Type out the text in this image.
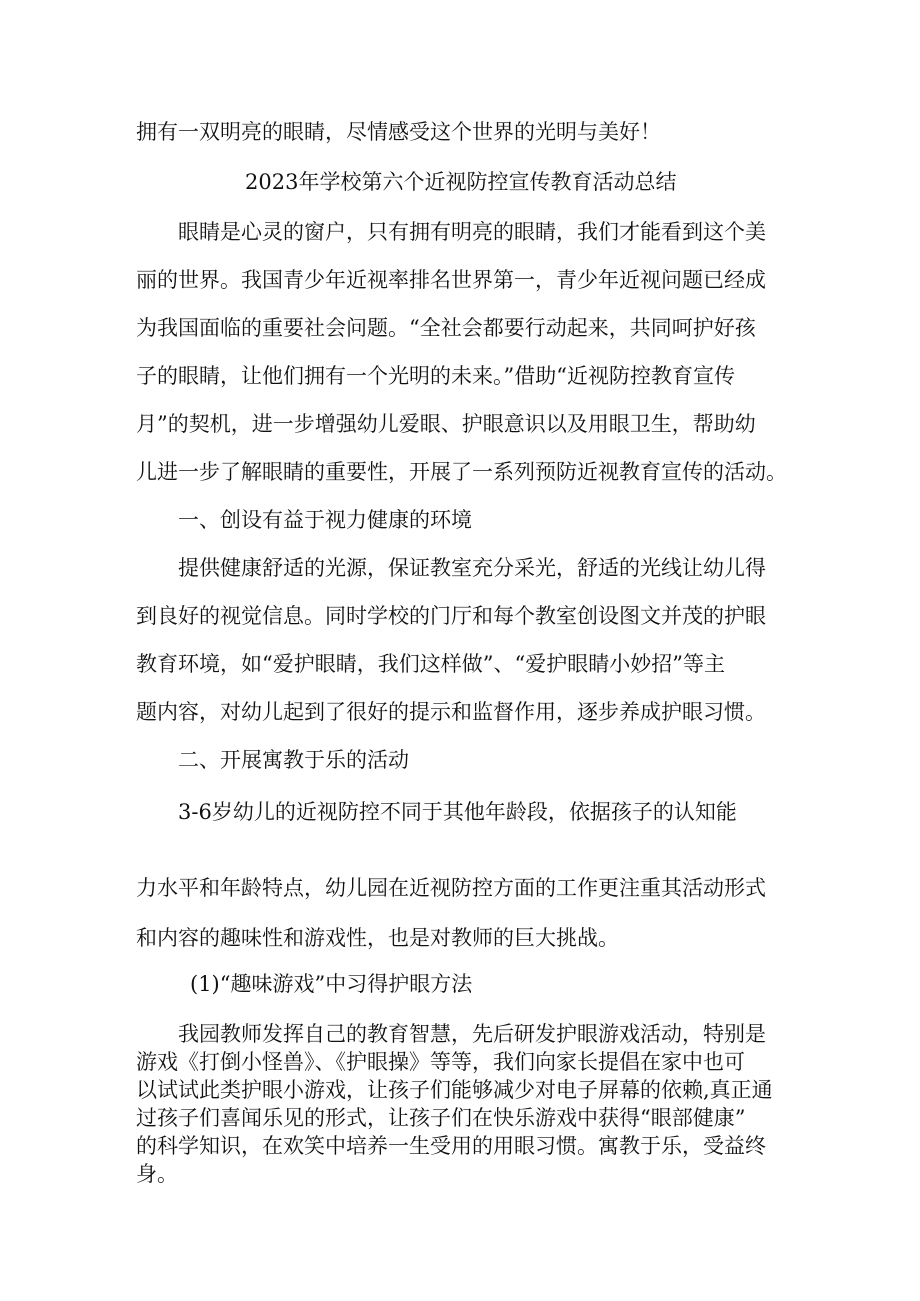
拥有一双明亮的眼睛，尽情感受这个世界的光明与美好！
2023年学校第六个近视防控宣传教育活动总结
眼睛是心灵的窗户，只有拥有明亮的眼睛，我们才能看到这个美
丽的世界。我国青少年近视率排名世界第一，青少年近视问题已经成
为我国面临的重要社会问题。“全社会都要行动起来，共同呵护好孩
子的眼睛，让他们拥有一个光明的未来。”借助“近视防控教育宣传
月”的契机，进一步增强幼儿爱眼、护眼意识以及用眼卫生，帮助幼
儿进一步了解眼睛的重要性，开展了一系列预防近视教育宣传的活动。
一、创设有益于视力健康的环境
提供健康舒适的光源，保证教室充分采光，舒适的光线让幼儿得
到良好的视觉信息。同时学校的门厅和每个教室创设图文并茂的护眼
教育环境，如“爱护眼睛，我们这样做”、“爱护眼睛小妙招”等主
题内容，对幼儿起到了很好的提示和监督作用，逐步养成护眼习惯。
二、开展寓教于乐的活动
3-6岁幼儿的近视防控不同于其他年龄段，依据孩子的认知能
力水平和年龄特点，幼儿园在近视防控方面的工作更注重其活动形式
和内容的趣味性和游戏性，也是对教师的巨大挑战。
(1)“趣味游戏”中习得护眼方法
我园教师发挥自己的教育智慧，先后研发护眼游戏活动，特别是
游戏《打倒小怪兽》、《护眼操》等等，我们向家长提倡在家中也可
以试试此类护眼小游戏，让孩子们能够减少对电子屏幕的依赖,真正通
过孩子们喜闻乐见的形式，让孩子们在快乐游戏中获得“眼部健康”
的科学知识，在欢笑中培养一生受用的用眼习惯。寓教于乐，受益终
身。
